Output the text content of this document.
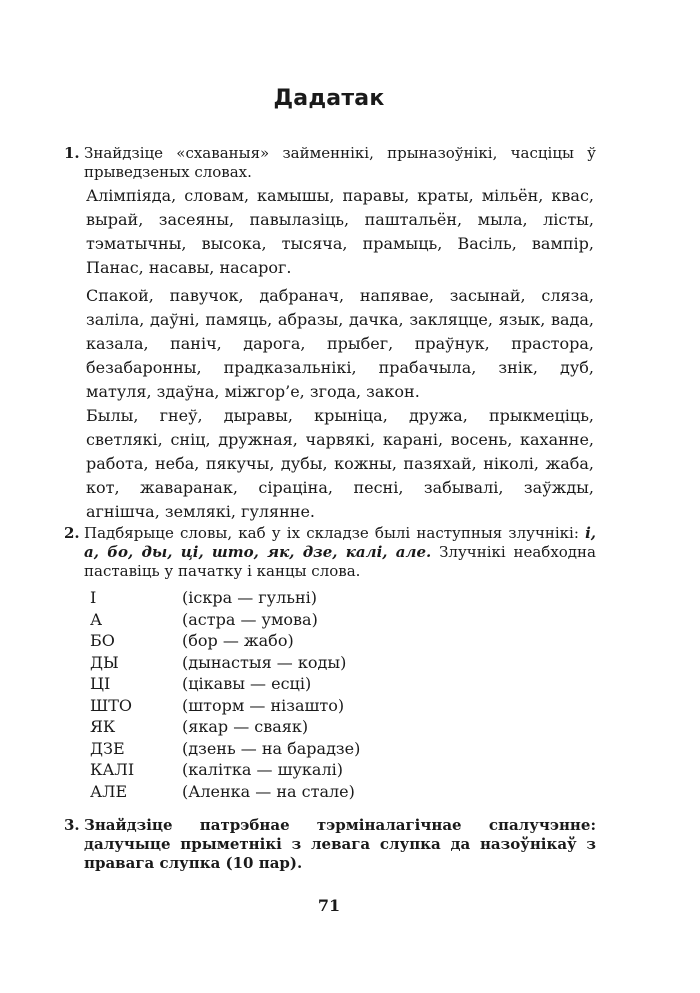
Дадатак
1. Знайдзіце «схаваныя» займеннікі, прыназоўнікі, часціцы ў прыведзеных словах.
Алімпіяда, словам, камышы, паравы, краты, мільён, квас, вырай, засеяны, павылазіць, паштальён, мыла, лісты, тэматычны, высока, тысяча, прамыць, Васіль, вампір, Панас, насавы, насарог.
Спакой, павучок, дабранач, напявае, засынай, сляза, заліла, даўні, памяць, абразы, дачка, закляцце, язык, вада, казала, паніч, дарога, прыбег, праўнук, прастора, безабаронны, прадказальнікі, прабачыла, знік, дуб, матуля, здаўна, міжгор’е, згода, закон.
Былы, гнеў, дыравы, крыніца, дружа, прыкмеціць, светлякі, сніц, дружная, чарвякі, карані, восень, каханне, работа, неба, пякучы, дубы, кожны, пазяхай, ніколі, жаба, кот, жаваранак, сіраціна, песні, забывалі, заўжды, агнішча, землякі, гулянне.
2. Падбярыце словы, каб у іх складзе былі наступныя злучнікі: і, а, бо, ды, ці, што, як, дзе, калі, але. Злучнікі неабходна паставіць у пачатку і канцы слова.
І	(іскра — гульні)
А	(астра — умова)
БО	(бор — жабо)
ДЫ	(дынастыя — коды)
ЦІ	(цікавы — есці)
ШТО	(шторм — нізашто)
ЯК	(якар — сваяк)
ДЗЕ	(дзень — на барадзе)
КАЛІ	(калітка — шукалі)
АЛЕ	(Аленка — на стале)
3. Знайдзіце патрэбнае тэрміналагічнае спалучэнне: далучыце прыметнікі з левага слупка да назоўнікаў з правага слупка (10 пар).
71
